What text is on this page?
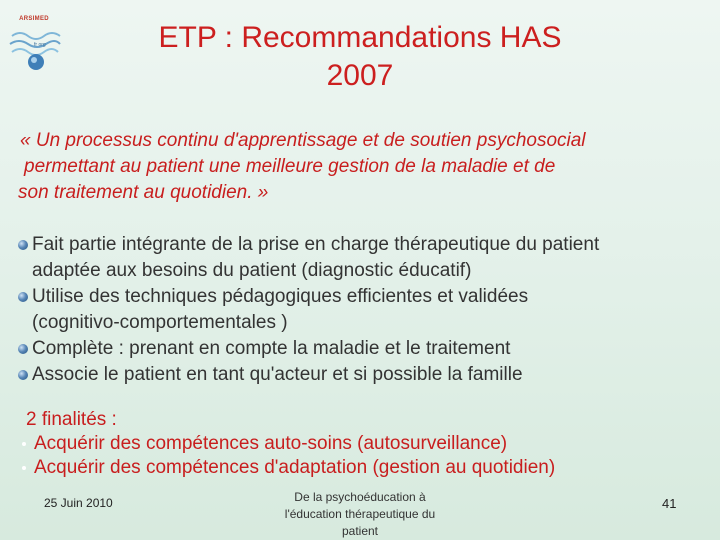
ARSIMED
fr org	ETP : Recommandations HAS
2007
« Un processus continu d'apprentissage et de soutien psychosocial
permettant au patient une meilleure gestion de la maladie et de
son traitement au quotidien. »
Fait partie intégrante de la prise en charge thérapeutique du patient
adaptée aux besoins du patient (diagnostic éducatif)
Utilise des techniques pédagogiques efficientes et validées
(cognitivo-comportementales )
Complète : prenant en compte la maladie et le traitement
Associe le patient en tant qu'acteur et si possible la famille
2 finalités :
Acquérir des compétences auto-soins (autosurveillance)
Acquérir des compétences d'adaptation (gestion au quotidien)
25 Juin 2010	De la psychoéducation à
l'éducation thérapeutique du
patient
41
